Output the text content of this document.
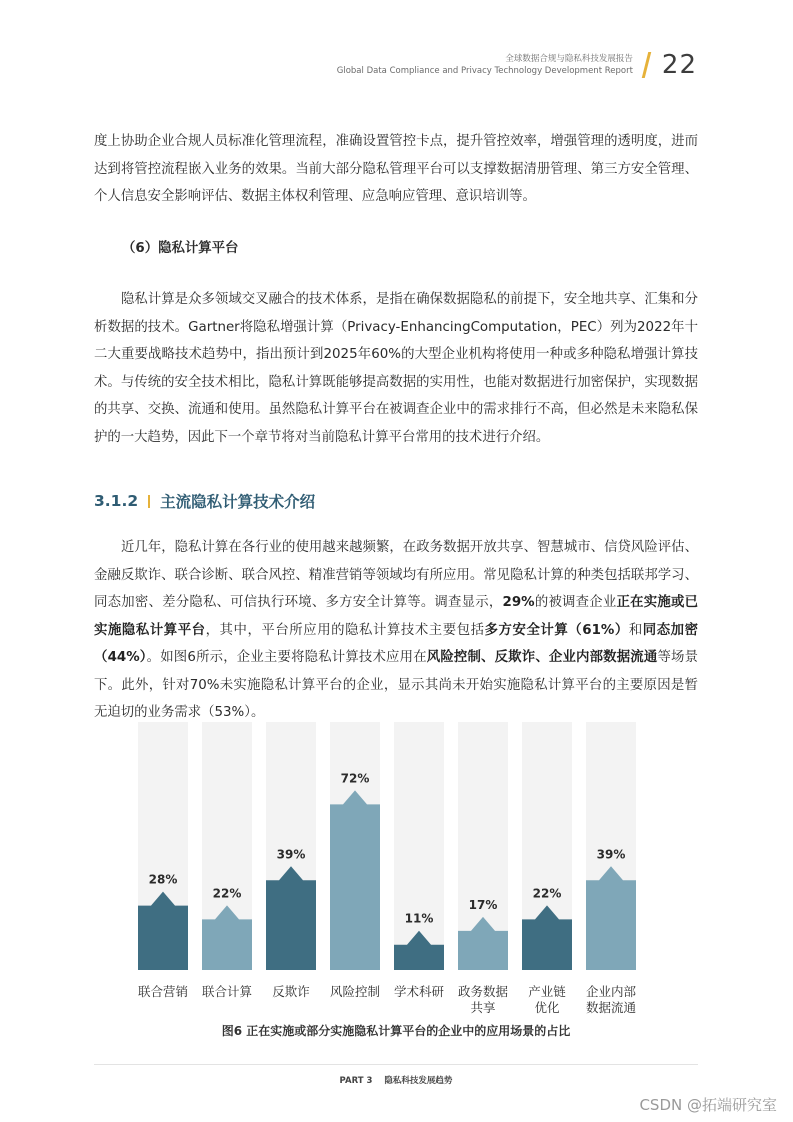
全球数据合规与隐私科技发展报告
Global Data Compliance and Privacy Technology Development Report 22

度上协助企业合规人员标准化管理流程，准确设置管控卡点，提升管控效率，增强管理的透明度，进而达到将管控流程嵌入业务的效果。当前大部分隐私管理平台可以支撑数据清册管理、第三方安全管理、个人信息安全影响评估、数据主体权利管理、应急响应管理、意识培训等。

（6）隐私计算平台

隐私计算是众多领域交叉融合的技术体系，是指在确保数据隐私的前提下，安全地共享、汇集和分析数据的技术。Gartner将隐私增强计算（Privacy-EnhancingComputation，PEC）列为2022年十二大重要战略技术趋势中，指出预计到2025年60%的大型企业机构将使用一种或多种隐私增强计算技术。与传统的安全技术相比，隐私计算既能够提高数据的实用性，也能对数据进行加密保护，实现数据的共享、交换、流通和使用。虽然隐私计算平台在被调查企业中的需求排行不高，但必然是未来隐私保护的一大趋势，因此下一个章节将对当前隐私计算平台常用的技术进行介绍。

3.1.2 主流隐私计算技术介绍

近几年，隐私计算在各行业的使用越来越频繁，在政务数据开放共享、智慧城市、信贷风险评估、金融反欺诈、联合诊断、联合风控、精准营销等领域均有所应用。常见隐私计算的种类包括联邦学习、同态加密、差分隐私、可信执行环境、多方安全计算等。调查显示，29%的被调查企业正在实施或已实施隐私计算平台，其中，平台所应用的隐私计算技术主要包括多方安全计算（61%）和同态加密（44%）。如图6所示，企业主要将隐私计算技术应用在风险控制、反欺诈、企业内部数据流通等场景下。此外，针对70%未实施隐私计算平台的企业，显示其尚未开始实施隐私计算平台的主要原因是暂无迫切的业务需求（53%）。

28%
联合营销
22%
联合计算
39%
反欺诈
72%
风险控制
11%
学术科研
17%
政务数据
共享
22%
产业链
优化
39%
企业内部
数据流通
图6 正在实施或部分实施隐私计算平台的企业中的应用场景的占比
PART 3 隐私科技发展趋势
CSDN @拓端研究室
